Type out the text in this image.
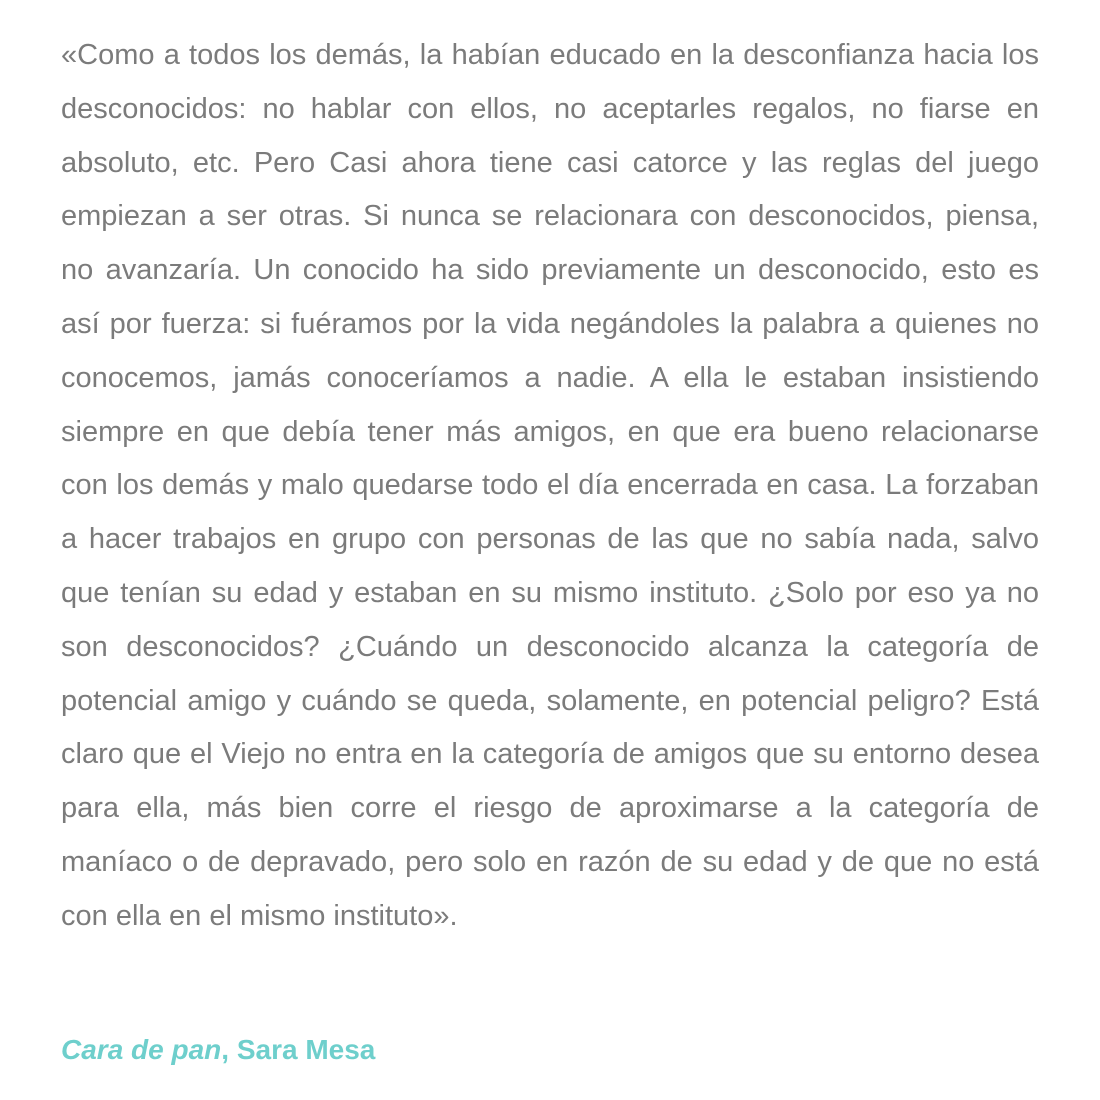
«Como a todos los demás, la habían educado en la desconfianza hacia los desconocidos: no hablar con ellos, no aceptarles regalos, no fiarse en absoluto, etc. Pero Casi ahora tiene casi catorce y las reglas del juego empiezan a ser otras. Si nunca se relacionara con desconocidos, piensa, no avanzaría. Un conocido ha sido previamente un desconocido, esto es así por fuerza: si fuéramos por la vida negándoles la palabra a quienes no conocemos, jamás conoceríamos a nadie. A ella le estaban insistiendo siempre en que debía tener más amigos, en que era bueno relacionarse con los demás y malo quedarse todo el día encerrada en casa. La forzaban a hacer trabajos en grupo con personas de las que no sabía nada, salvo que tenían su edad y estaban en su mismo instituto. ¿Solo por eso ya no son desconocidos? ¿Cuándo un desconocido alcanza la categoría de potencial amigo y cuándo se queda, solamente, en potencial peligro? Está claro que el Viejo no entra en la categoría de amigos que su entorno desea para ella, más bien corre el riesgo de aproximarse a la categoría de maníaco o de depravado, pero solo en razón de su edad y de que no está con ella en el mismo instituto».

Cara de pan, Sara Mesa
